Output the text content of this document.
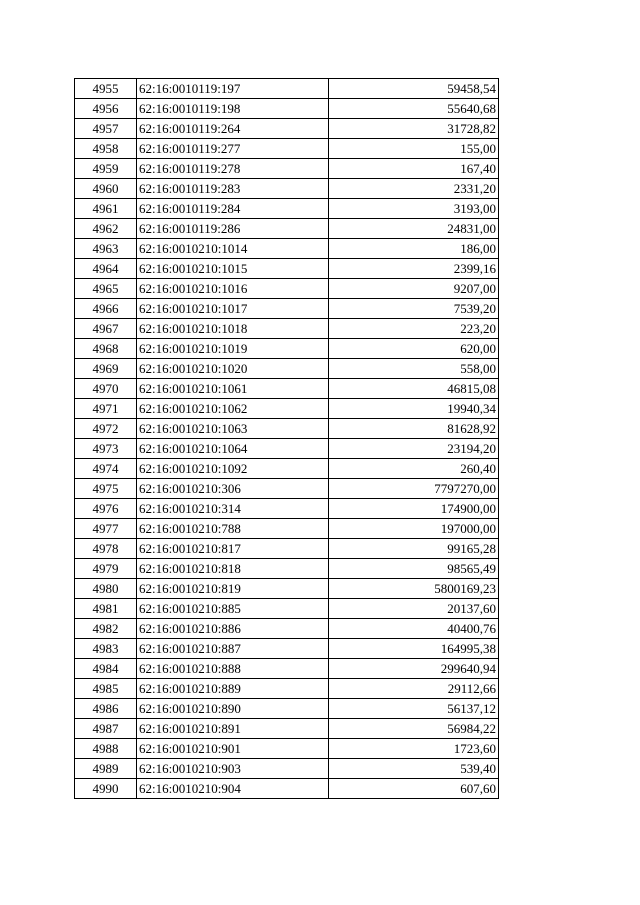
4955	62:16:0010119:197	59458,54
4956	62:16:0010119:198	55640,68
4957	62:16:0010119:264	31728,82
4958	62:16:0010119:277	155,00
4959	62:16:0010119:278	167,40
4960	62:16:0010119:283	2331,20
4961	62:16:0010119:284	3193,00
4962	62:16:0010119:286	24831,00
4963	62:16:0010210:1014	186,00
4964	62:16:0010210:1015	2399,16
4965	62:16:0010210:1016	9207,00
4966	62:16:0010210:1017	7539,20
4967	62:16:0010210:1018	223,20
4968	62:16:0010210:1019	620,00
4969	62:16:0010210:1020	558,00
4970	62:16:0010210:1061	46815,08
4971	62:16:0010210:1062	19940,34
4972	62:16:0010210:1063	81628,92
4973	62:16:0010210:1064	23194,20
4974	62:16:0010210:1092	260,40
4975	62:16:0010210:306	7797270,00
4976	62:16:0010210:314	174900,00
4977	62:16:0010210:788	197000,00
4978	62:16:0010210:817	99165,28
4979	62:16:0010210:818	98565,49
4980	62:16:0010210:819	5800169,23
4981	62:16:0010210:885	20137,60
4982	62:16:0010210:886	40400,76
4983	62:16:0010210:887	164995,38
4984	62:16:0010210:888	299640,94
4985	62:16:0010210:889	29112,66
4986	62:16:0010210:890	56137,12
4987	62:16:0010210:891	56984,22
4988	62:16:0010210:901	1723,60
4989	62:16:0010210:903	539,40
4990	62:16:0010210:904	607,60
